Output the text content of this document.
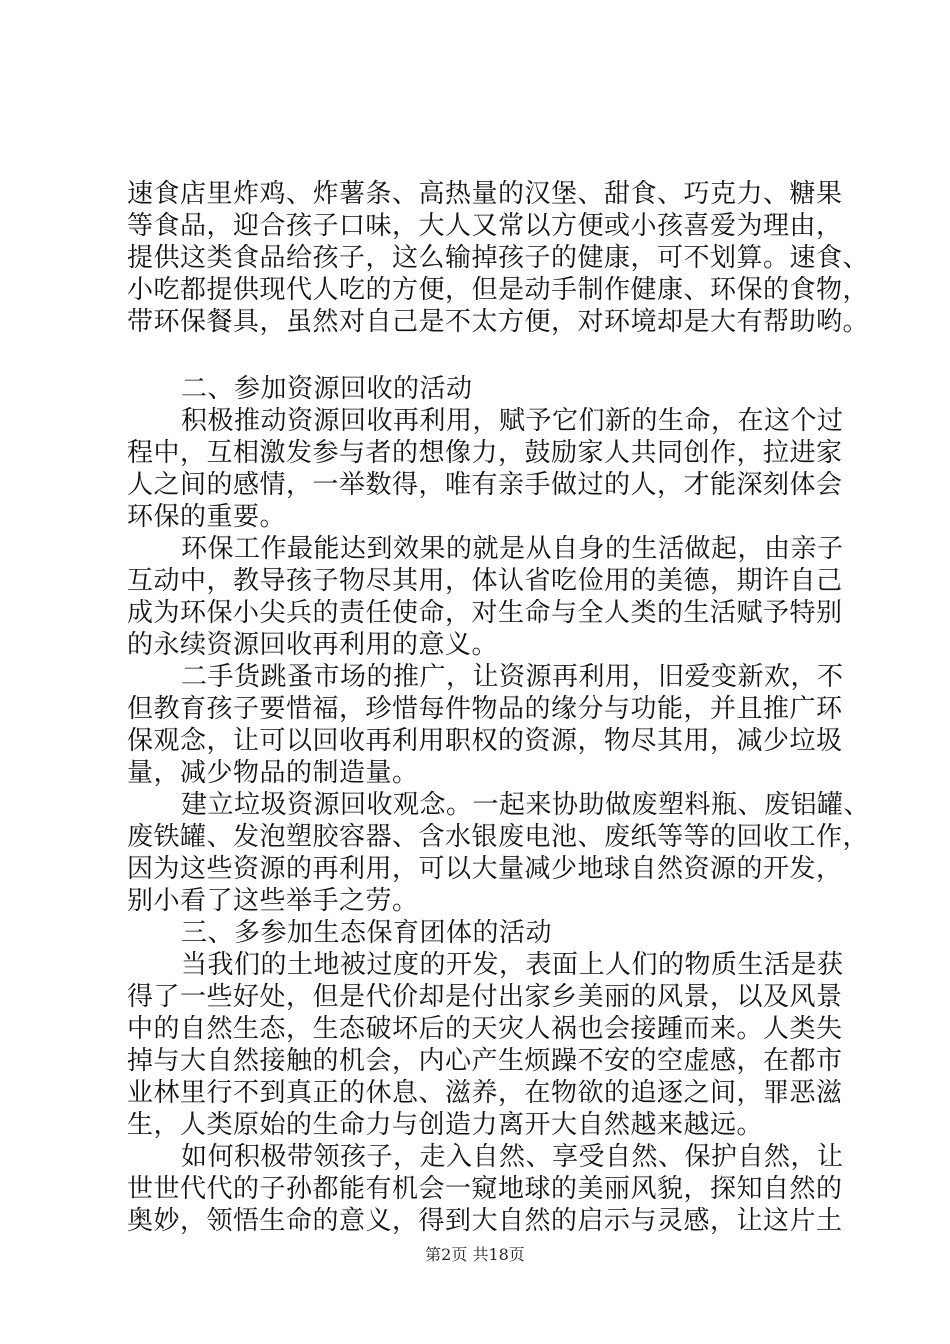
速食店里炸鸡、炸薯条、高热量的汉堡、甜食、巧克力、糖果
等食品，迎合孩子口味，大人又常以方便或小孩喜爱为理由，
提供这类食品给孩子，这么输掉孩子的健康，可不划算。速食、
小吃都提供现代人吃的方便，但是动手制作健康、环保的食物，
带环保餐具，虽然对自己是不太方便，对环境却是大有帮助哟。
二、参加资源回收的活动
积极推动资源回收再利用，赋予它们新的生命，在这个过
程中，互相激发参与者的想像力，鼓励家人共同创作，拉进家
人之间的感情，一举数得，唯有亲手做过的人，才能深刻体会
环保的重要。
环保工作最能达到效果的就是从自身的生活做起，由亲子
互动中，教导孩子物尽其用，体认省吃俭用的美德，期许自己
成为环保小尖兵的责任使命，对生命与全人类的生活赋予特别
的永续资源回收再利用的意义。
二手货跳蚤市场的推广，让资源再利用，旧爱变新欢，不
但教育孩子要惜福，珍惜每件物品的缘分与功能，并且推广环
保观念，让可以回收再利用职权的资源，物尽其用，减少垃圾
量，减少物品的制造量。
建立垃圾资源回收观念。一起来协助做废塑料瓶、废铝罐、
废铁罐、发泡塑胶容器、含水银废电池、废纸等等的回收工作，
因为这些资源的再利用，可以大量减少地球自然资源的开发，
别小看了这些举手之劳。
三、多参加生态保育团体的活动
当我们的土地被过度的开发，表面上人们的物质生活是获
得了一些好处，但是代价却是付出家乡美丽的风景，以及风景
中的自然生态，生态破坏后的天灾人祸也会接踵而来。人类失
掉与大自然接触的机会，内心产生烦躁不安的空虚感，在都市
业林里行不到真正的休息、滋养，在物欲的追逐之间，罪恶滋
生，人类原始的生命力与创造力离开大自然越来越远。
如何积极带领孩子，走入自然、享受自然、保护自然，让
世世代代的子孙都能有机会一窥地球的美丽风貌，探知自然的
奥妙，领悟生命的意义，得到大自然的启示与灵感，让这片土
第2页 共18页
